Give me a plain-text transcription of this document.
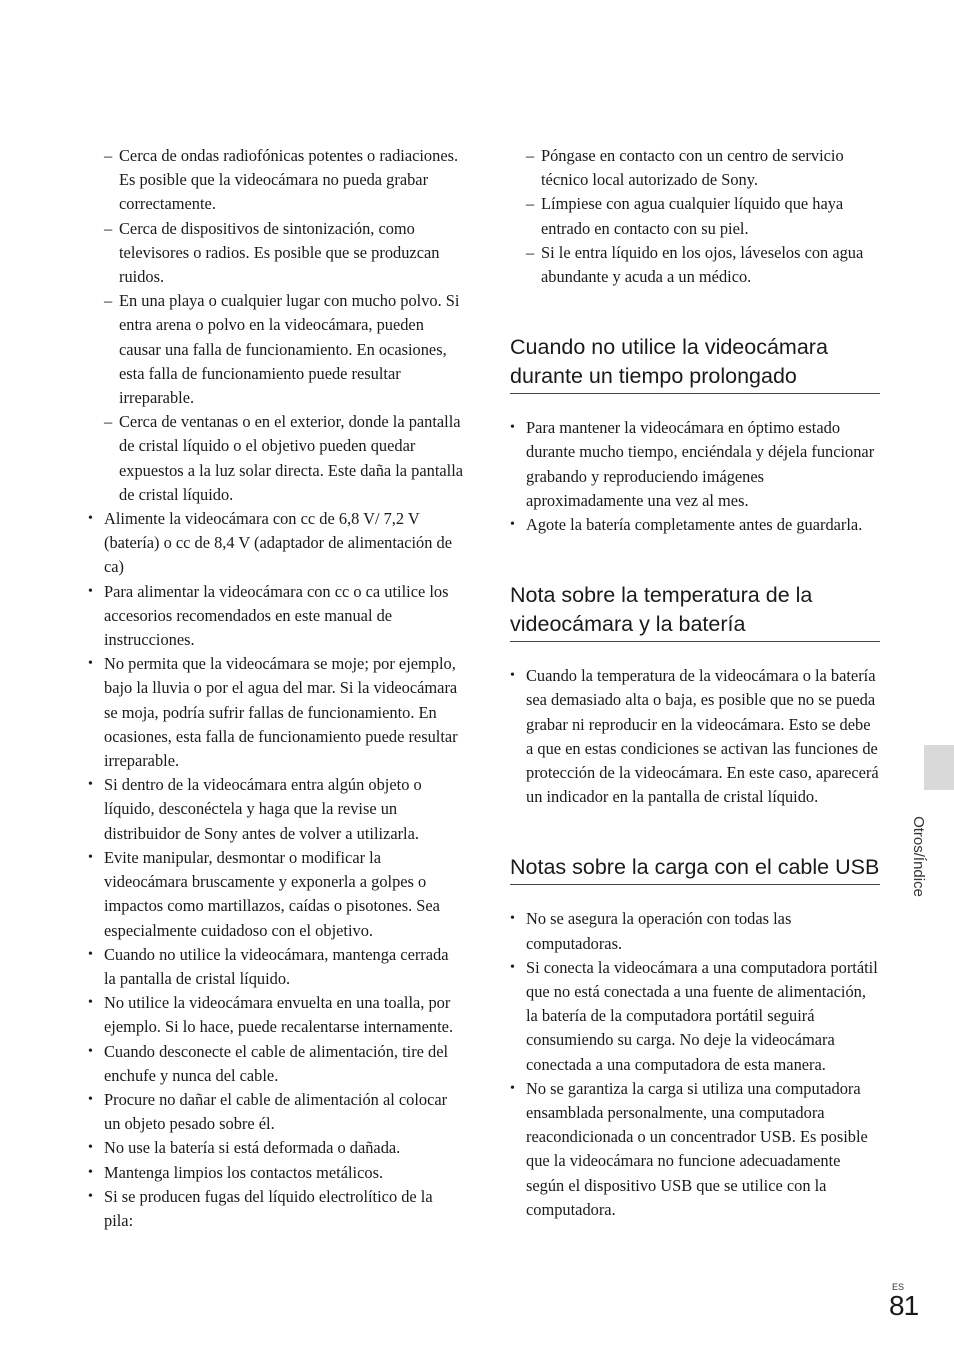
– Cerca de ondas radiofónicas potentes o radiaciones. Es posible que la videocámara no pueda grabar correctamente.
– Cerca de dispositivos de sintonización, como televisores o radios. Es posible que se produzcan ruidos.
– En una playa o cualquier lugar con mucho polvo. Si entra arena o polvo en la videocámara, pueden causar una falla de funcionamiento. En ocasiones, esta falla de funcionamiento puede resultar irreparable.
– Cerca de ventanas o en el exterior, donde la pantalla de cristal líquido o el objetivo pueden quedar expuestos a la luz solar directa. Este daña la pantalla de cristal líquido.
• Alimente la videocámara con cc de 6,8 V/ 7,2 V (batería) o cc de 8,4 V (adaptador de alimentación de ca)
• Para alimentar la videocámara con cc o ca utilice los accesorios recomendados en este manual de instrucciones.
• No permita que la videocámara se moje; por ejemplo, bajo la lluvia o por el agua del mar. Si la videocámara se moja, podría sufrir fallas de funcionamiento. En ocasiones, esta falla de funcionamiento puede resultar irreparable.
• Si dentro de la videocámara entra algún objeto o líquido, desconéctela y haga que la revise un distribuidor de Sony antes de volver a utilizarla.
• Evite manipular, desmontar o modificar la videocámara bruscamente y exponerla a golpes o impactos como martillazos, caídas o pisotones. Sea especialmente cuidadoso con el objetivo.
• Cuando no utilice la videocámara, mantenga cerrada la pantalla de cristal líquido.
• No utilice la videocámara envuelta en una toalla, por ejemplo. Si lo hace, puede recalentarse internamente.
• Cuando desconecte el cable de alimentación, tire del enchufe y nunca del cable.
• Procure no dañar el cable de alimentación al colocar un objeto pesado sobre él.
• No use la batería si está deformada o dañada.
• Mantenga limpios los contactos metálicos.
• Si se producen fugas del líquido electrolítico de la pila:
– Póngase en contacto con un centro de servicio técnico local autorizado de Sony.
– Límpiese con agua cualquier líquido que haya entrado en contacto con su piel.
– Si le entra líquido en los ojos, láveselos con agua abundante y acuda a un médico.
Cuando no utilice la videocámara durante un tiempo prolongado
• Para mantener la videocámara en óptimo estado durante mucho tiempo, enciéndala y déjela funcionar grabando y reproduciendo imágenes aproximadamente una vez al mes.
• Agote la batería completamente antes de guardarla.
Nota sobre la temperatura de la videocámara y la batería
• Cuando la temperatura de la videocámara o la batería sea demasiado alta o baja, es posible que no se pueda grabar ni reproducir en la videocámara. Esto se debe a que en estas condiciones se activan las funciones de protección de la videocámara. En este caso, aparecerá un indicador en la pantalla de cristal líquido.
Notas sobre la carga con el cable USB
• No se asegura la operación con todas las computadoras.
• Si conecta la videocámara a una computadora portátil que no está conectada a una fuente de alimentación, la batería de la computadora portátil seguirá consumiendo su carga. No deje la videocámara conectada a una computadora de esta manera.
• No se garantiza la carga si utiliza una computadora ensamblada personalmente, una computadora reacondicionada o un concentrador USB. Es posible que la videocámara no funcione adecuadamente según el dispositivo USB que se utilice con la computadora.
Otros/Índice
ES
81
